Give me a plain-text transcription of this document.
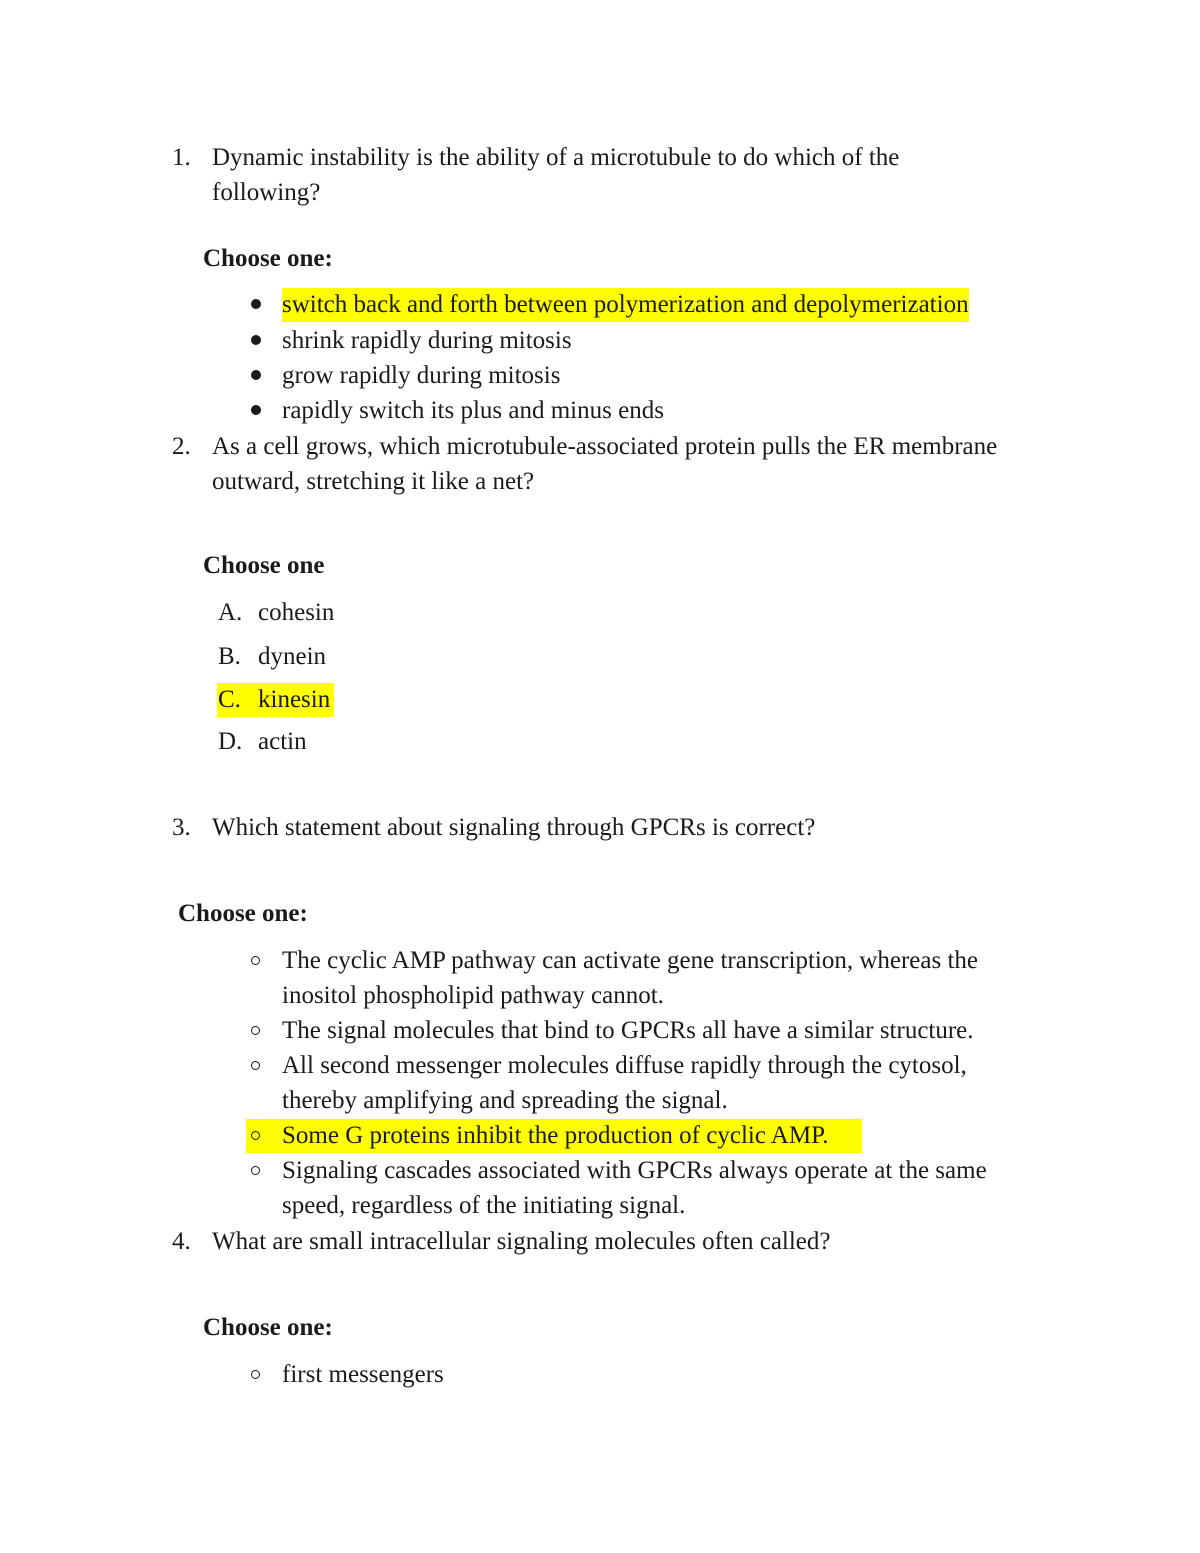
1. Dynamic instability is the ability of a microtubule to do which of the
following?
Choose one:
switch back and forth between polymerization and depolymerization
shrink rapidly during mitosis
grow rapidly during mitosis
rapidly switch its plus and minus ends
2. As a cell grows, which microtubule-associated protein pulls the ER membrane
outward, stretching it like a net?
Choose one
A. cohesin
B. dynein
C. kinesin
D. actin
3. Which statement about signaling through GPCRs is correct?
Choose one:
The cyclic AMP pathway can activate gene transcription, whereas the
inositol phospholipid pathway cannot.
The signal molecules that bind to GPCRs all have a similar structure.
All second messenger molecules diffuse rapidly through the cytosol,
thereby amplifying and spreading the signal.
Some G proteins inhibit the production of cyclic AMP.
Signaling cascades associated with GPCRs always operate at the same
speed, regardless of the initiating signal.
4. What are small intracellular signaling molecules often called?
Choose one:
first messengers
